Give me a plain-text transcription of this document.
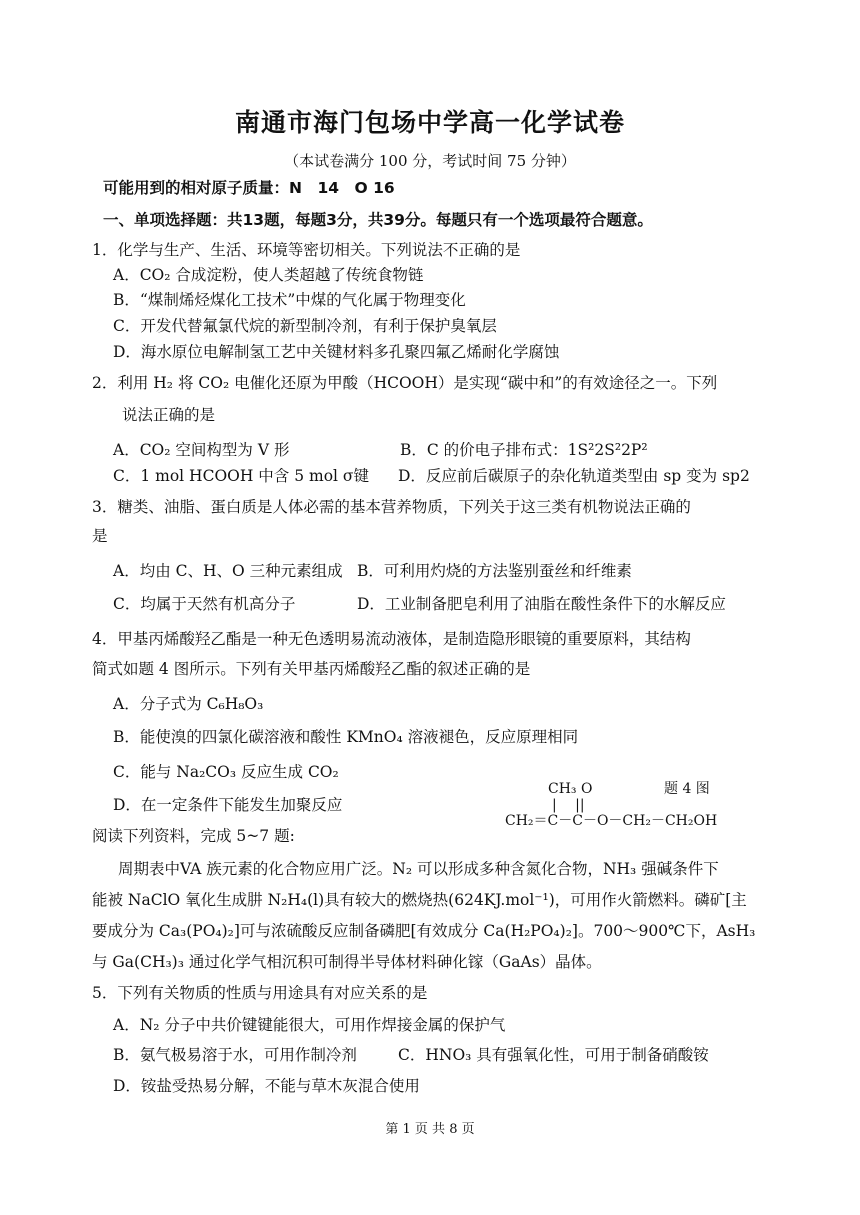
南通市海门包场中学高一化学试卷
（本试卷满分 100 分，考试时间 75 分钟）
可能用到的相对原子质量：N　14　O 16
一、单项选择题：共13题，每题3分，共39分。每题只有一个选项最符合题意。
1．化学与生产、生活、环境等密切相关。下列说法不正确的是
A．CO₂ 合成淀粉，使人类超越了传统食物链
B．“煤制烯烃煤化工技术”中煤的气化属于物理变化
C．开发代替氟氯代烷的新型制冷剂，有利于保护臭氧层
D．海水原位电解制氢工艺中关键材料多孔聚四氟乙烯耐化学腐蚀
2．利用 H₂ 将 CO₂ 电催化还原为甲酸（HCOOH）是实现“碳中和”的有效途径之一。下列
说法正确的是
A．CO₂ 空间构型为 V 形	B．C 的价电子排布式：1S²2S²2P²
C．1 mol HCOOH 中含 5 mol σ键 D．反应前后碳原子的杂化轨道类型由 sp 变为 sp2
3．糖类、油脂、蛋白质是人体必需的基本营养物质，下列关于这三类有机物说法正确的
是
A．均由 C、H、O 三种元素组成 B．可利用灼烧的方法鉴别蚕丝和纤维素
C．均属于天然有机高分子	D．工业制备肥皂利用了油脂在酸性条件下的水解反应
4．甲基丙烯酸羟乙酯是一种无色透明易流动液体，是制造隐形眼镜的重要原料，其结构
简式如题 4 图所示。下列有关甲基丙烯酸羟乙酯的叙述正确的是
A．分子式为 C₆H₈O₃
B．能使溴的四氯化碳溶液和酸性 KMnO₄ 溶液褪色，反应原理相同
C．能与 Na₂CO₃ 反应生成 CO₂
D．在一定条件下能发生加聚反应
CH₃ O	题 4 图
|　 ||
CH₂＝C－C－O－CH₂－CH₂OH
阅读下列资料，完成 5~7 题:
周期表中VA 族元素的化合物应用广泛。N₂ 可以形成多种含氮化合物，NH₃ 强碱条件下
能被 NaClO 氧化生成肼 N₂H₄(l)具有较大的燃烧热(624KJ.mol⁻¹)，可用作火箭燃料。磷矿[主
要成分为 Ca₃(PO₄)₂]可与浓硫酸反应制备磷肥[有效成分 Ca(H₂PO₄)₂]。700～900℃下，AsH₃
与 Ga(CH₃)₃ 通过化学气相沉积可制得半导体材料砷化镓（GaAs）晶体。
5．下列有关物质的性质与用途具有对应关系的是
A．N₂ 分子中共价键键能很大，可用作焊接金属的保护气
B．氨气极易溶于水，可用作制冷剂	C．HNO₃ 具有强氧化性，可用于制备硝酸铵
D．铵盐受热易分解，不能与草木灰混合使用
第 1 页 共 8 页
